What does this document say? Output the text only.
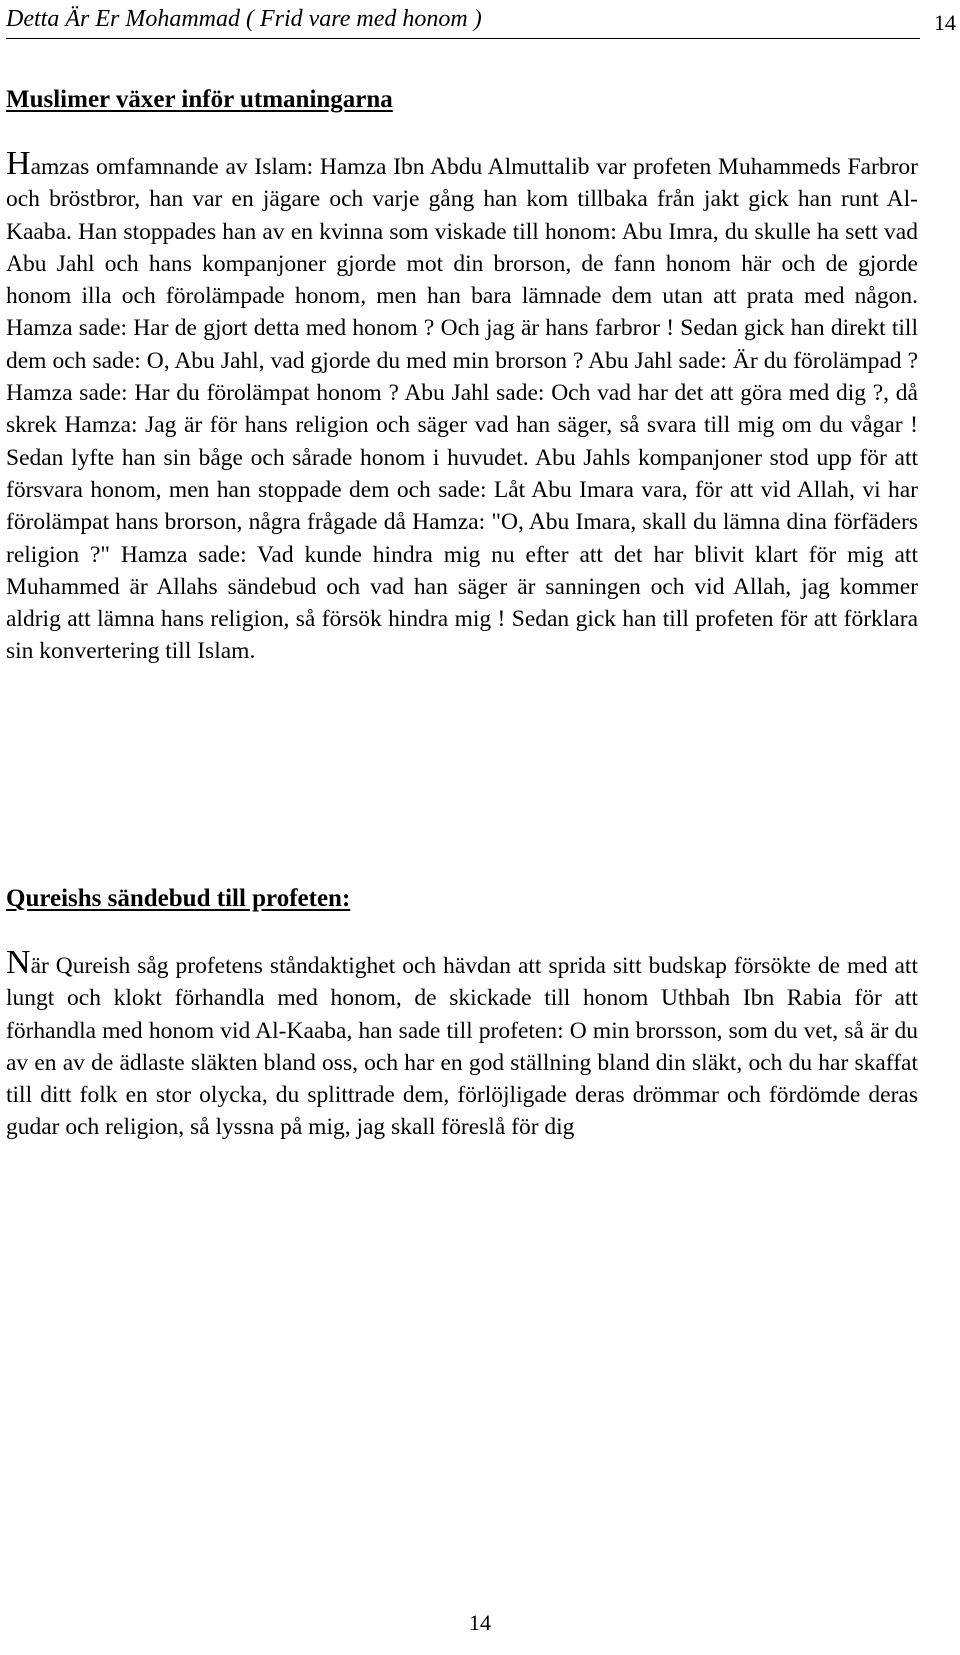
Detta Är Er Mohammad ( Frid vare med honom )	14
Muslimer växer inför utmaningarna

Hamzas omfamnande av Islam: Hamza Ibn Abdu Almuttalib var profeten Muhammeds Farbror och bröstbror, han var en jägare och varje gång han kom tillbaka från jakt gick han runt Al-Kaaba. Han stoppades han av en kvinna som viskade till honom: Abu Imra, du skulle ha sett vad Abu Jahl och hans kompanjoner gjorde mot din brorson, de fann honom här och de gjorde honom illa och förolämpade honom, men han bara lämnade dem utan att prata med någon. Hamza sade: Har de gjort detta med honom ? Och jag är hans farbror ! Sedan gick han direkt till dem och sade: O, Abu Jahl, vad gjorde du med min brorson ? Abu Jahl sade: Är du förolämpad ? Hamza sade: Har du förolämpat honom ? Abu Jahl sade: Och vad har det att göra med dig ?, då skrek Hamza: Jag är för hans religion och säger vad han säger, så svara till mig om du vågar ! Sedan lyfte han sin båge och sårade honom i huvudet. Abu Jahls kompanjoner stod upp för att försvara honom, men han stoppade dem och sade: Låt Abu Imara vara, för att vid Allah, vi har förolämpat hans brorson, några frågade då Hamza: "O, Abu Imara, skall du lämna dina förfäders religion ?" Hamza sade: Vad kunde hindra mig nu efter att det har blivit klart för mig att Muhammed är Allahs sändebud och vad han säger är sanningen och vid Allah, jag kommer aldrig att lämna hans religion, så försök hindra mig ! Sedan gick han till profeten för att förklara sin konvertering till Islam.

Qureishs sändebud till profeten:

När Qureish såg profetens ståndaktighet och hävdan att sprida sitt budskap försökte de med att lungt och klokt förhandla med honom, de skickade till honom Uthbah Ibn Rabia för att förhandla med honom vid Al-Kaaba, han sade till profeten: O min brorsson, som du vet, så är du av en av de ädlaste släkten bland oss, och har en god ställning bland din släkt, och du har skaffat till ditt folk en stor olycka, du splittrade dem, förlöjligade deras drömmar och fördömde deras gudar och religion, så lyssna på mig, jag skall föreslå för dig

14
